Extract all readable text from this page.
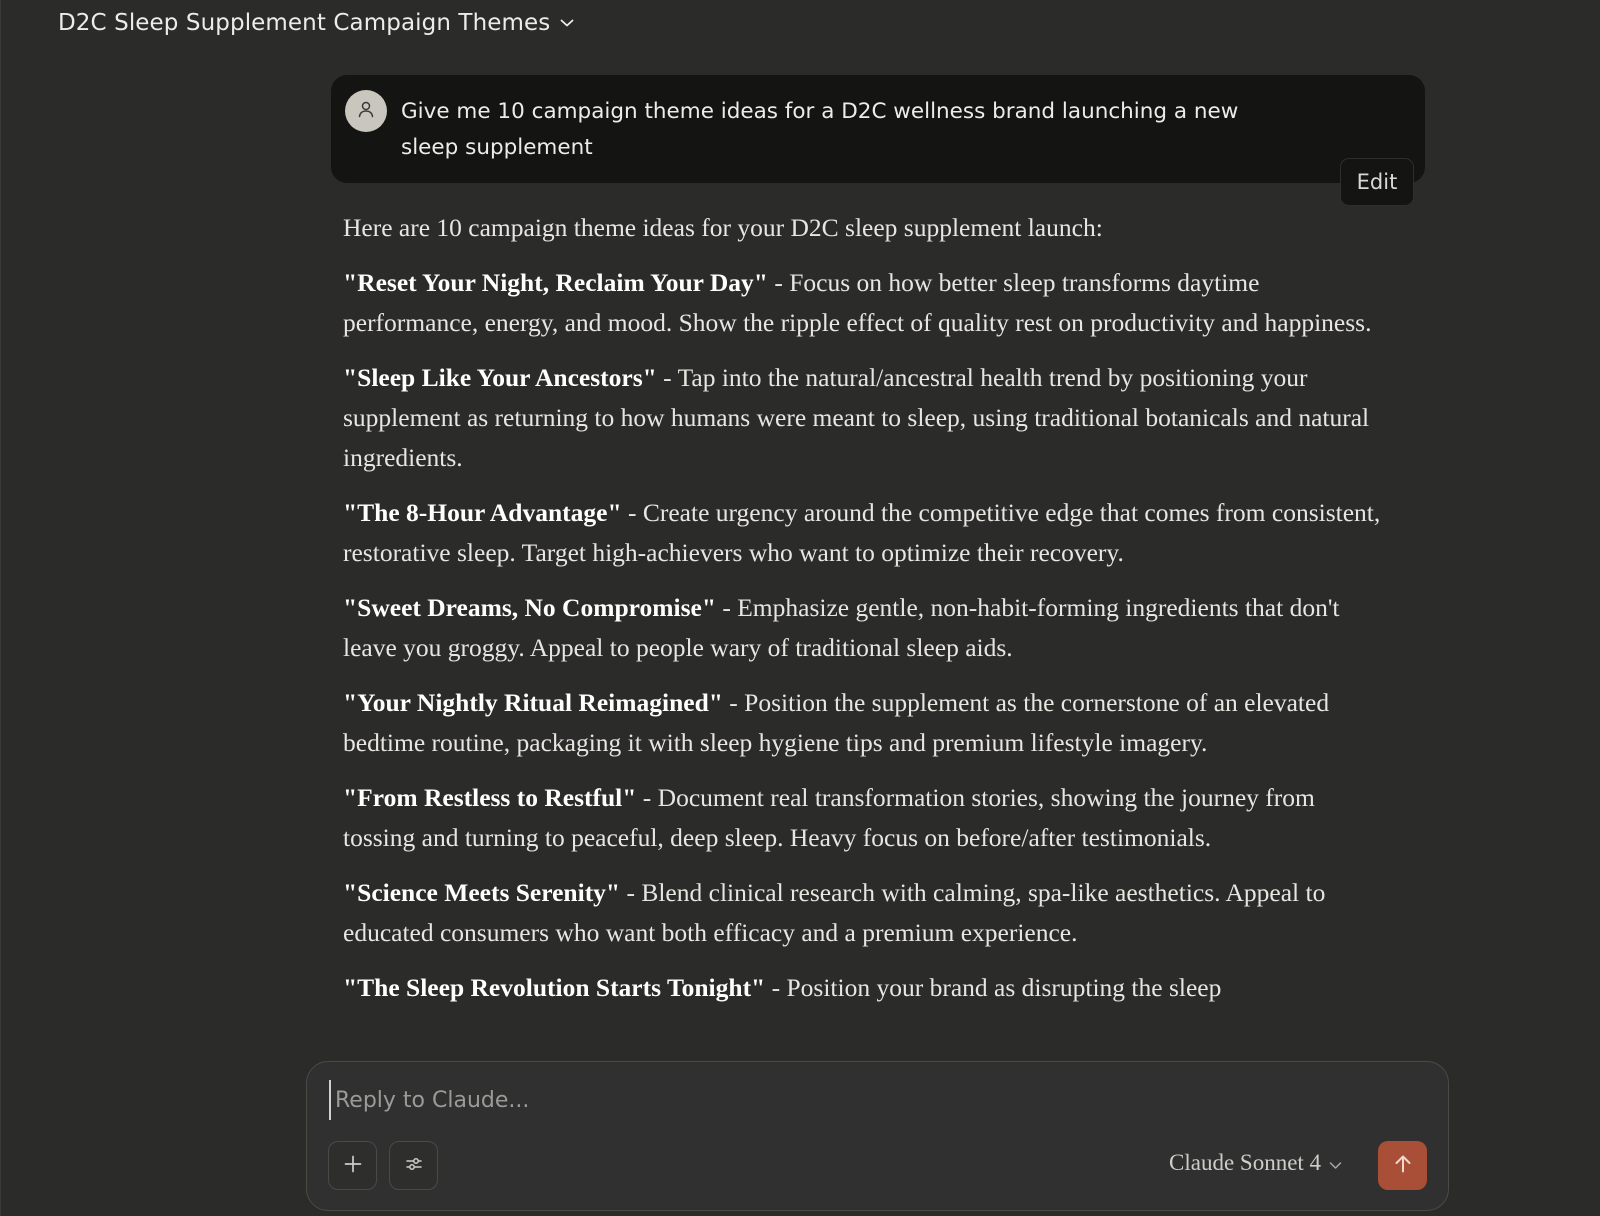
D2C Sleep Supplement Campaign Themes
Give me 10 campaign theme ideas for a D2C wellness brand launching a new sleep supplement
Edit

Here are 10 campaign theme ideas for your D2C sleep supplement launch:

"Reset Your Night, Reclaim Your Day" - Focus on how better sleep transforms daytime performance, energy, and mood. Show the ripple effect of quality rest on productivity and happiness.

"Sleep Like Your Ancestors" - Tap into the natural/ancestral health trend by positioning your supplement as returning to how humans were meant to sleep, using traditional botanicals and natural ingredients.

"The 8-Hour Advantage" - Create urgency around the competitive edge that comes from consistent, restorative sleep. Target high-achievers who want to optimize their recovery.

"Sweet Dreams, No Compromise" - Emphasize gentle, non-habit-forming ingredients that don't leave you groggy. Appeal to people wary of traditional sleep aids.

"Your Nightly Ritual Reimagined" - Position the supplement as the cornerstone of an elevated bedtime routine, packaging it with sleep hygiene tips and premium lifestyle imagery.

"From Restless to Restful" - Document real transformation stories, showing the journey from tossing and turning to peaceful, deep sleep. Heavy focus on before/after testimonials.

"Science Meets Serenity" - Blend clinical research with calming, spa-like aesthetics. Appeal to educated consumers who want both efficacy and a premium experience.

"The Sleep Revolution Starts Tonight" - Position your brand as disrupting the sleep

Reply to Claude...
Claude Sonnet 4
